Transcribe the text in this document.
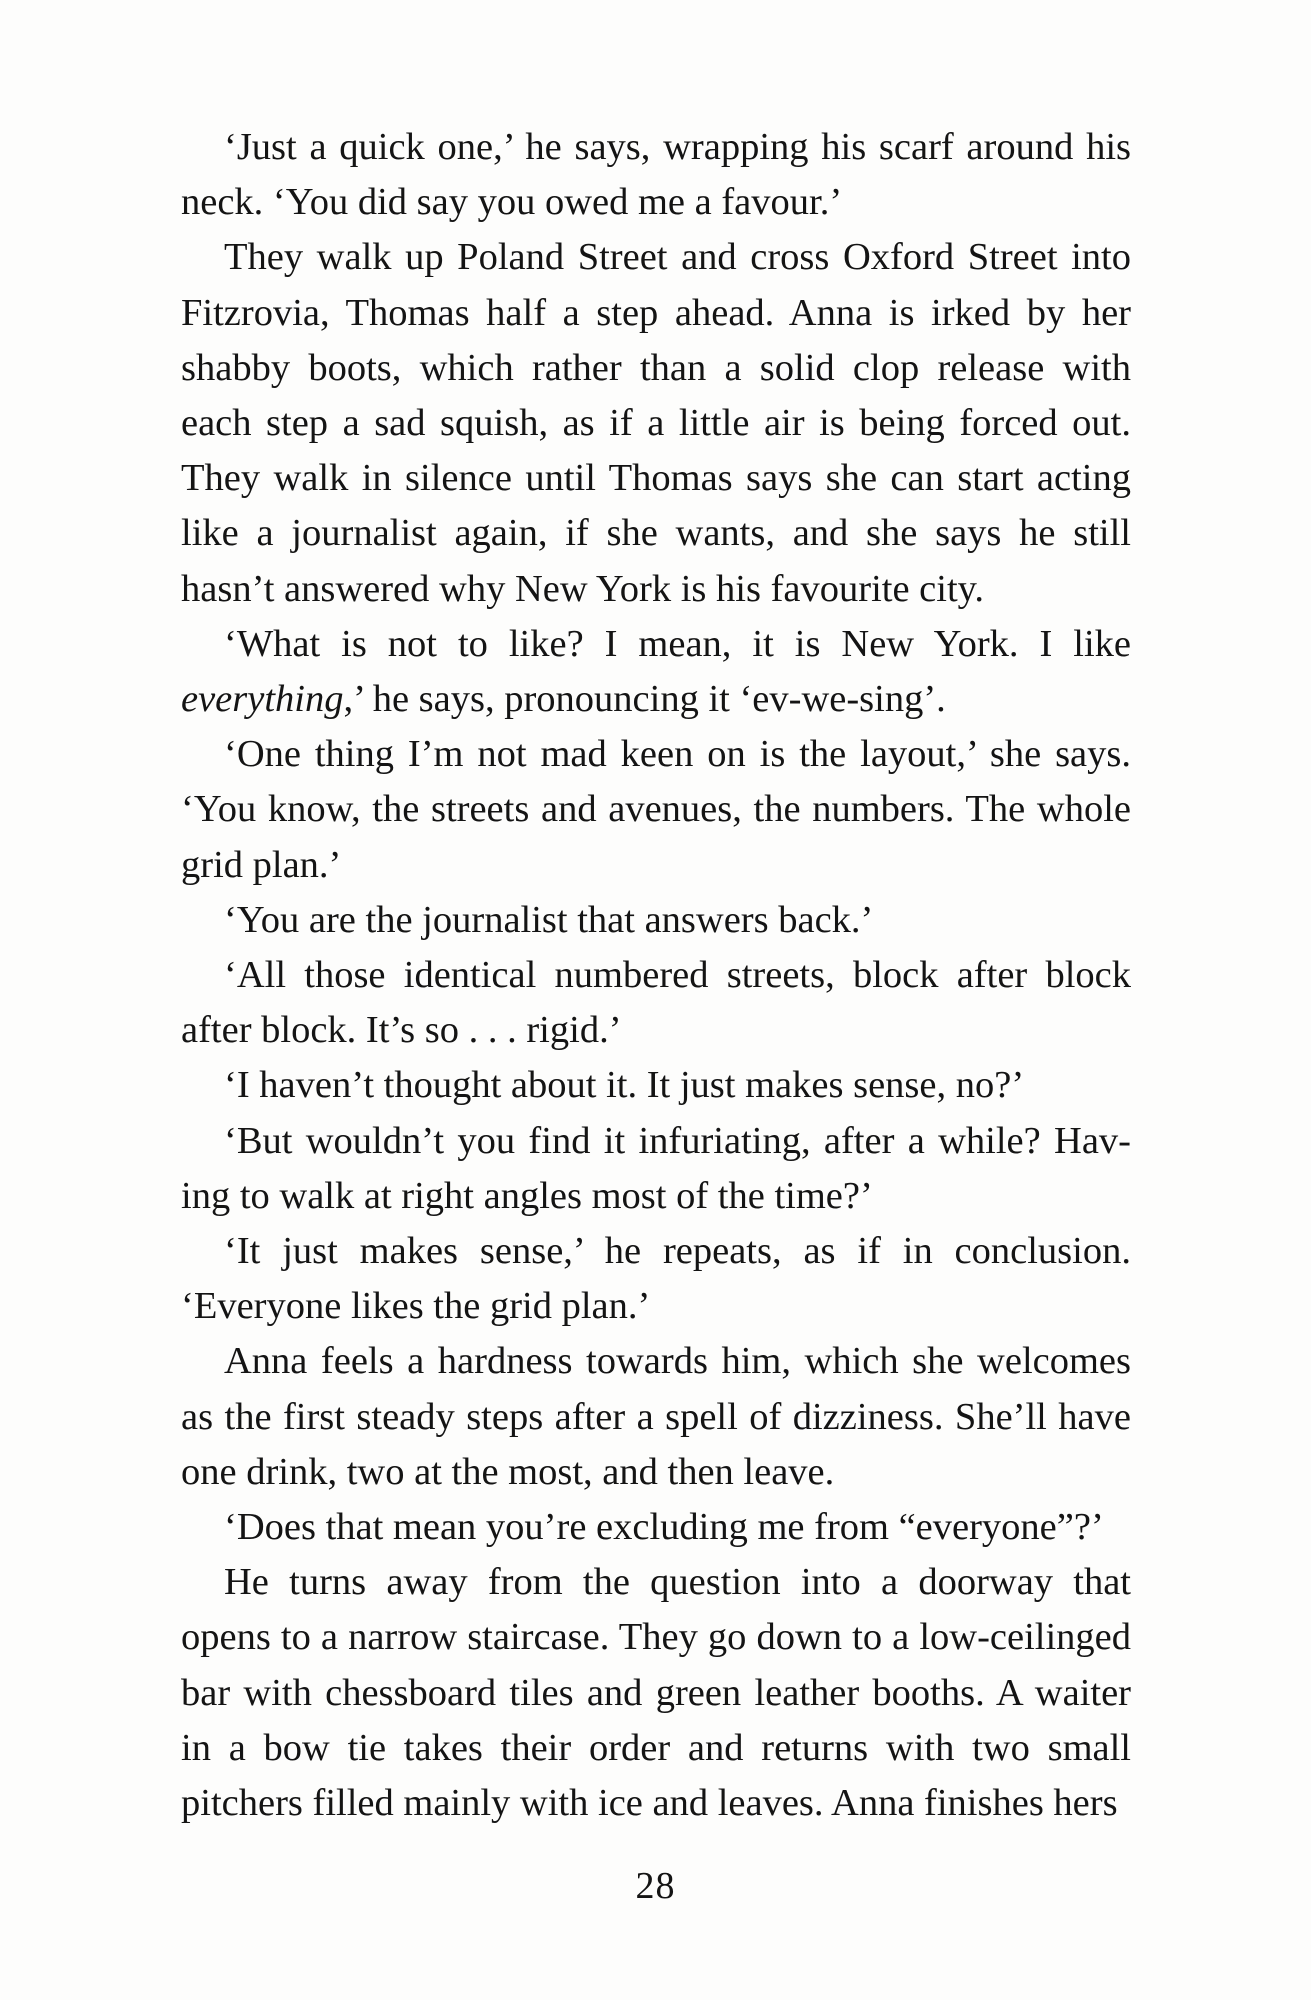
‘Just a quick one,’ he says, wrapping his scarf around his neck. ‘You did say you owed me a favour.’

They walk up Poland Street and cross Oxford Street into Fitzrovia, Thomas half a step ahead. Anna is irked by her shabby boots, which rather than a solid clop release with each step a sad squish, as if a little air is being forced out. They walk in silence until Thomas says she can start acting like a journalist again, if she wants, and she says he still hasn’t answered why New York is his favourite city.

‘What is not to like? I mean, it is New York. I like everything,’ he says, pronouncing it ‘ev-we-sing’.

‘One thing I’m not mad keen on is the layout,’ she says. ‘You know, the streets and avenues, the numbers. The whole grid plan.’

‘You are the journalist that answers back.’

‘All those identical numbered streets, block after block after block. It’s so . . . rigid.’

‘I haven’t thought about it. It just makes sense, no?’

‘But wouldn’t you find it infuriating, after a while? Having to walk at right angles most of the time?’

‘It just makes sense,’ he repeats, as if in conclusion. ‘Everyone likes the grid plan.’

Anna feels a hardness towards him, which she welcomes as the first steady steps after a spell of dizziness. She’ll have one drink, two at the most, and then leave.

‘Does that mean you’re excluding me from “everyone”?’

He turns away from the question into a doorway that opens to a narrow staircase. They go down to a low-ceilinged bar with chessboard tiles and green leather booths. A waiter in a bow tie takes their order and returns with two small pitchers filled mainly with ice and leaves. Anna finishes hers

28
